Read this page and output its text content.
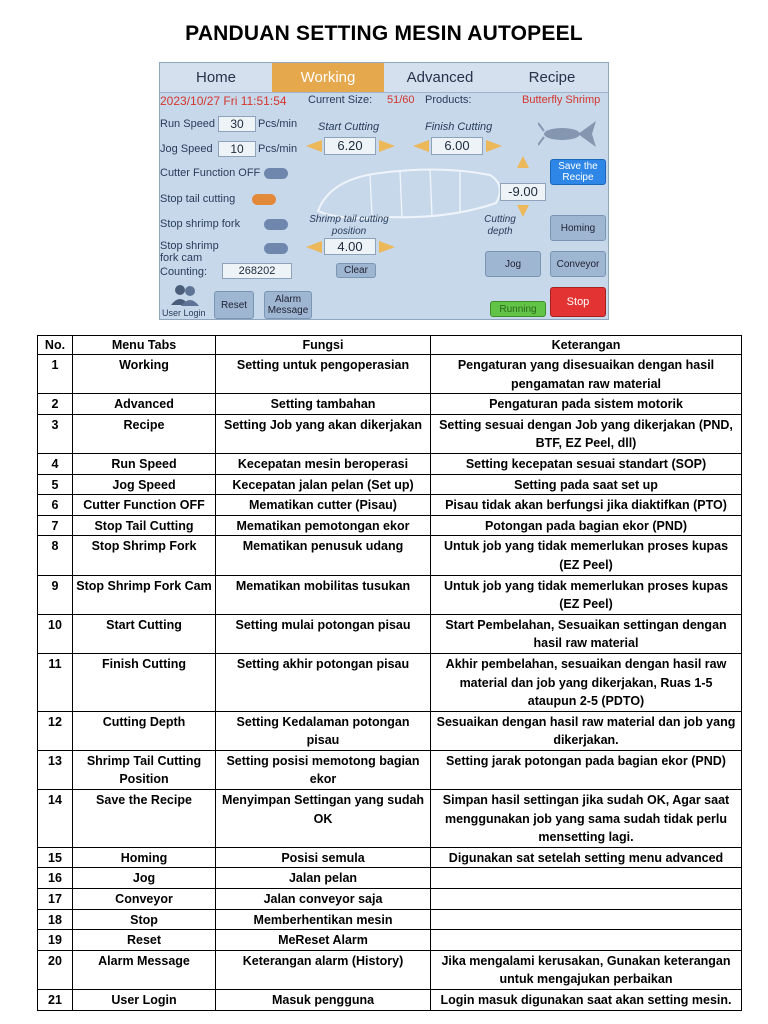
PANDUAN SETTING MESIN AUTOPEEL
Home	Working	Advanced	Recipe
2023/10/27 Fri 11:51:54 Current Size: 51/60 Products:	Butterfly Shrimp
Run Speed	30	Pcs/min
Jog Speed	10	Pcs/min
Start Cutting
6.20
Finish Cutting
6.00
Cutter Function OFF
Stop tail cutting
Stop shrimp fork
Stop shrimp fork cam
-9.00
Cutting depth
Shrimp tail cutting position
4.00
Counting:	268202	Clear
Save the Recipe
Homing
Jog	Conveyor
User Login
Reset	Alarm Message	Running
Stop
No.	Menu Tabs	Fungsi	Keterangan
1	Working	Setting untuk pengoperasian	Pengaturan yang disesuaikan dengan hasil pengamatan raw material
2	Advanced	Setting tambahan	Pengaturan pada sistem motorik
3	Recipe	Setting Job yang akan dikerjakan	Setting sesuai dengan Job yang dikerjakan (PND, BTF, EZ Peel, dll)
4	Run Speed	Kecepatan mesin beroperasi	Setting kecepatan sesuai standart (SOP)
5	Jog Speed	Kecepatan jalan pelan (Set up)	Setting pada saat set up
6	Cutter Function OFF	Mematikan cutter (Pisau)	Pisau tidak akan berfungsi jika diaktifkan (PTO)
7	Stop Tail Cutting	Mematikan pemotongan ekor	Potongan pada bagian ekor (PND)
8	Stop Shrimp Fork	Mematikan penusuk udang	Untuk job yang tidak memerlukan proses kupas (EZ Peel)
9	Stop Shrimp Fork Cam	Mematikan mobilitas tusukan	Untuk job yang tidak memerlukan proses kupas (EZ Peel)
10	Start Cutting	Setting mulai potongan pisau	Start Pembelahan, Sesuaikan settingan dengan hasil raw material
11	Finish Cutting	Setting akhir potongan pisau	Akhir pembelahan, sesuaikan dengan hasil raw material dan job yang dikerjakan, Ruas 1-5 ataupun 2-5 (PDTO)
12	Cutting Depth	Setting Kedalaman potongan pisau	Sesuaikan dengan hasil raw material dan job yang dikerjakan.
13	Shrimp Tail Cutting Position	Setting posisi memotong bagian ekor	Setting jarak potongan pada bagian ekor (PND)
14	Save the Recipe	Menyimpan Settingan yang sudah OK	Simpan hasil settingan jika sudah OK, Agar saat menggunakan job yang sama sudah tidak perlu mensetting lagi.
15	Homing	Posisi semula	Digunakan sat setelah setting menu advanced
16	Jog	Jalan pelan	
17	Conveyor	Jalan conveyor saja	
18	Stop	Memberhentikan mesin	
19	Reset	MeReset Alarm	
20	Alarm Message	Keterangan alarm (History)	Jika mengalami kerusakan, Gunakan keterangan untuk mengajukan perbaikan
21	User Login	Masuk pengguna	Login masuk digunakan saat akan setting mesin.
